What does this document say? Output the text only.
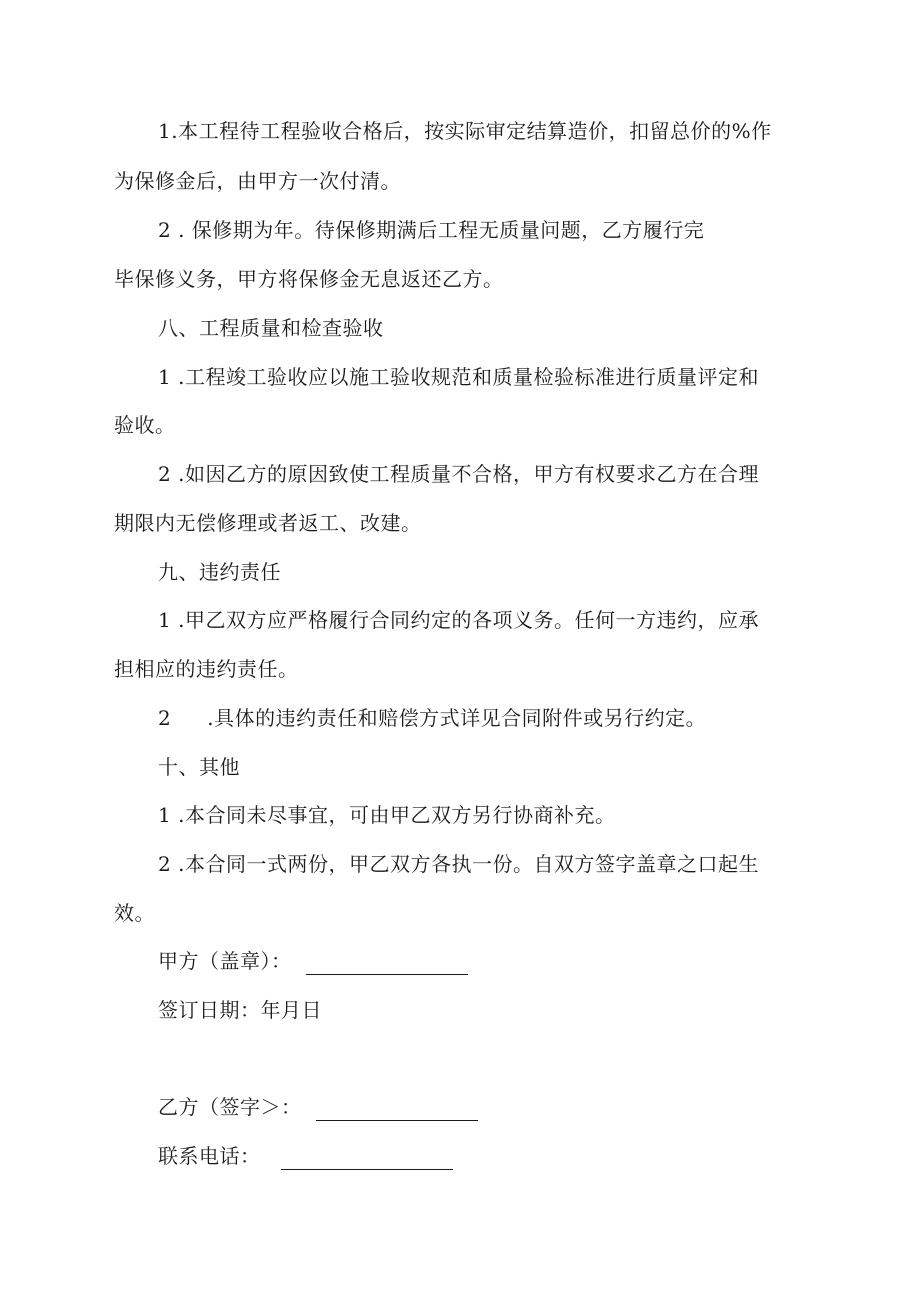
1.本工程待工程验收合格后，按实际审定结算造价，扣留总价的%作
为保修金后，由甲方一次付清。
2 . 保修期为年。待保修期满后工程无质量问题，乙方履行完
毕保修义务，甲方将保修金无息返还乙方。
八、工程质量和检查验收
1 .工程竣工验收应以施工验收规范和质量检验标准进行质量评定和
验收。
2 .如因乙方的原因致使工程质量不合格，甲方有权要求乙方在合理
期限内无偿修理或者返工、改建。
九、违约责任
1 .甲乙双方应严格履行合同约定的各项义务。任何一方违约，应承
担相应的违约责任。
2 .具体的违约责任和赔偿方式详见合同附件或另行约定。
十、其他
1 .本合同未尽事宜，可由甲乙双方另行协商补充。
2 .本合同一式两份，甲乙双方各执一份。自双方签字盖章之口起生
效。
甲方（盖章）：
签订日期：年月日
乙方（签字＞：
联系电话：
